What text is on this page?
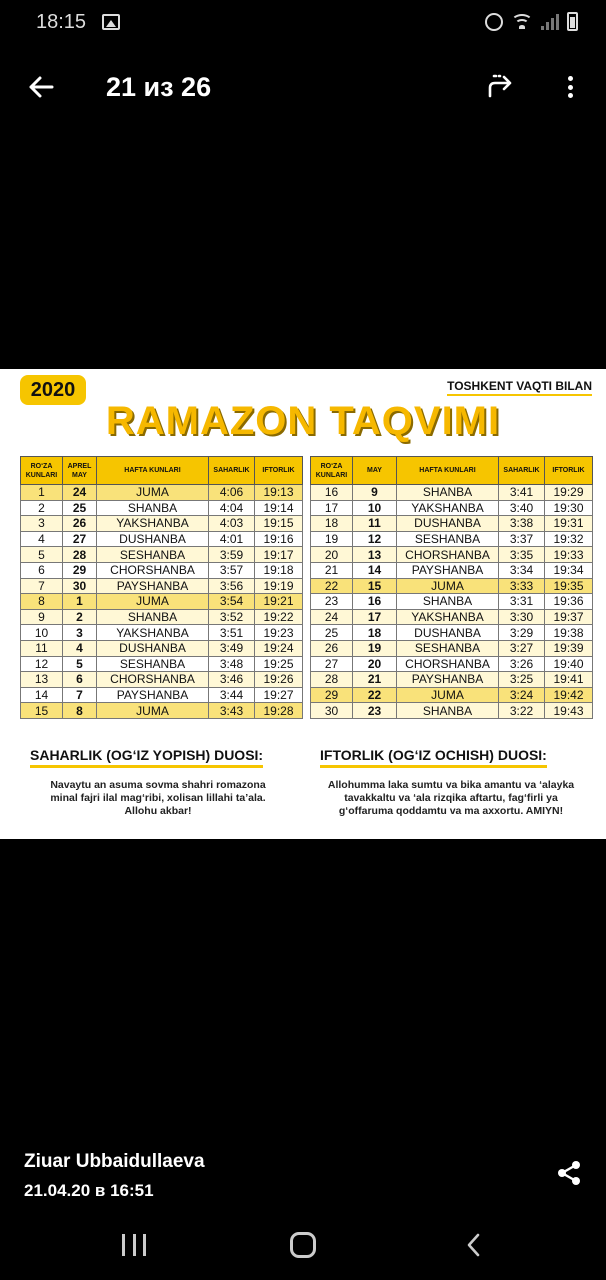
18:15
21 из 26
2020	TOSHKENT VAQTI BILAN
RAMAZON TAQVIMI
RO‘ZA KUNLARI	APREL MAY	HAFTA KUNLARI	SAHARLIK	IFTORLIK
1	24	JUMA	4:06	19:13
2	25	SHANBA	4:04	19:14
3	26	YAKSHANBA	4:03	19:15
4	27	DUSHANBA	4:01	19:16
5	28	SESHANBA	3:59	19:17
6	29	CHORSHANBA	3:57	19:18
7	30	PAYSHANBA	3:56	19:19
8	1	JUMA	3:54	19:21
9	2	SHANBA	3:52	19:22
10	3	YAKSHANBA	3:51	19:23
11	4	DUSHANBA	3:49	19:24
12	5	SESHANBA	3:48	19:25
13	6	CHORSHANBA	3:46	19:26
14	7	PAYSHANBA	3:44	19:27
15	8	JUMA	3:43	19:28
RO‘ZA KUNLARI	MAY	HAFTA KUNLARI	SAHARLIK	IFTORLIK
16	9	SHANBA	3:41	19:29
17	10	YAKSHANBA	3:40	19:30
18	11	DUSHANBA	3:38	19:31
19	12	SESHANBA	3:37	19:32
20	13	CHORSHANBA	3:35	19:33
21	14	PAYSHANBA	3:34	19:34
22	15	JUMA	3:33	19:35
23	16	SHANBA	3:31	19:36
24	17	YAKSHANBA	3:30	19:37
25	18	DUSHANBA	3:29	19:38
26	19	SESHANBA	3:27	19:39
27	20	CHORSHANBA	3:26	19:40
28	21	PAYSHANBA	3:25	19:41
29	22	JUMA	3:24	19:42
30	23	SHANBA	3:22	19:43
SAHARLIK (OG‘IZ YOPISH) DUOSI:
Navaytu an asuma sovma shahri romazona minal fajri ilal mag‘ribi, xolisan lillahi ta’ala. Allohu akbar!
IFTORLIK (OG‘IZ OCHISH) DUOSI:
Allohumma laka sumtu va bika amantu va ‘alayka tavakkaltu va ‘ala rizqika aftartu, fag‘firli ya g‘offaruma qoddamtu va ma axxortu. AMIYN!
Ziuar Ubbaidullaeva
21.04.20 в 16:51
